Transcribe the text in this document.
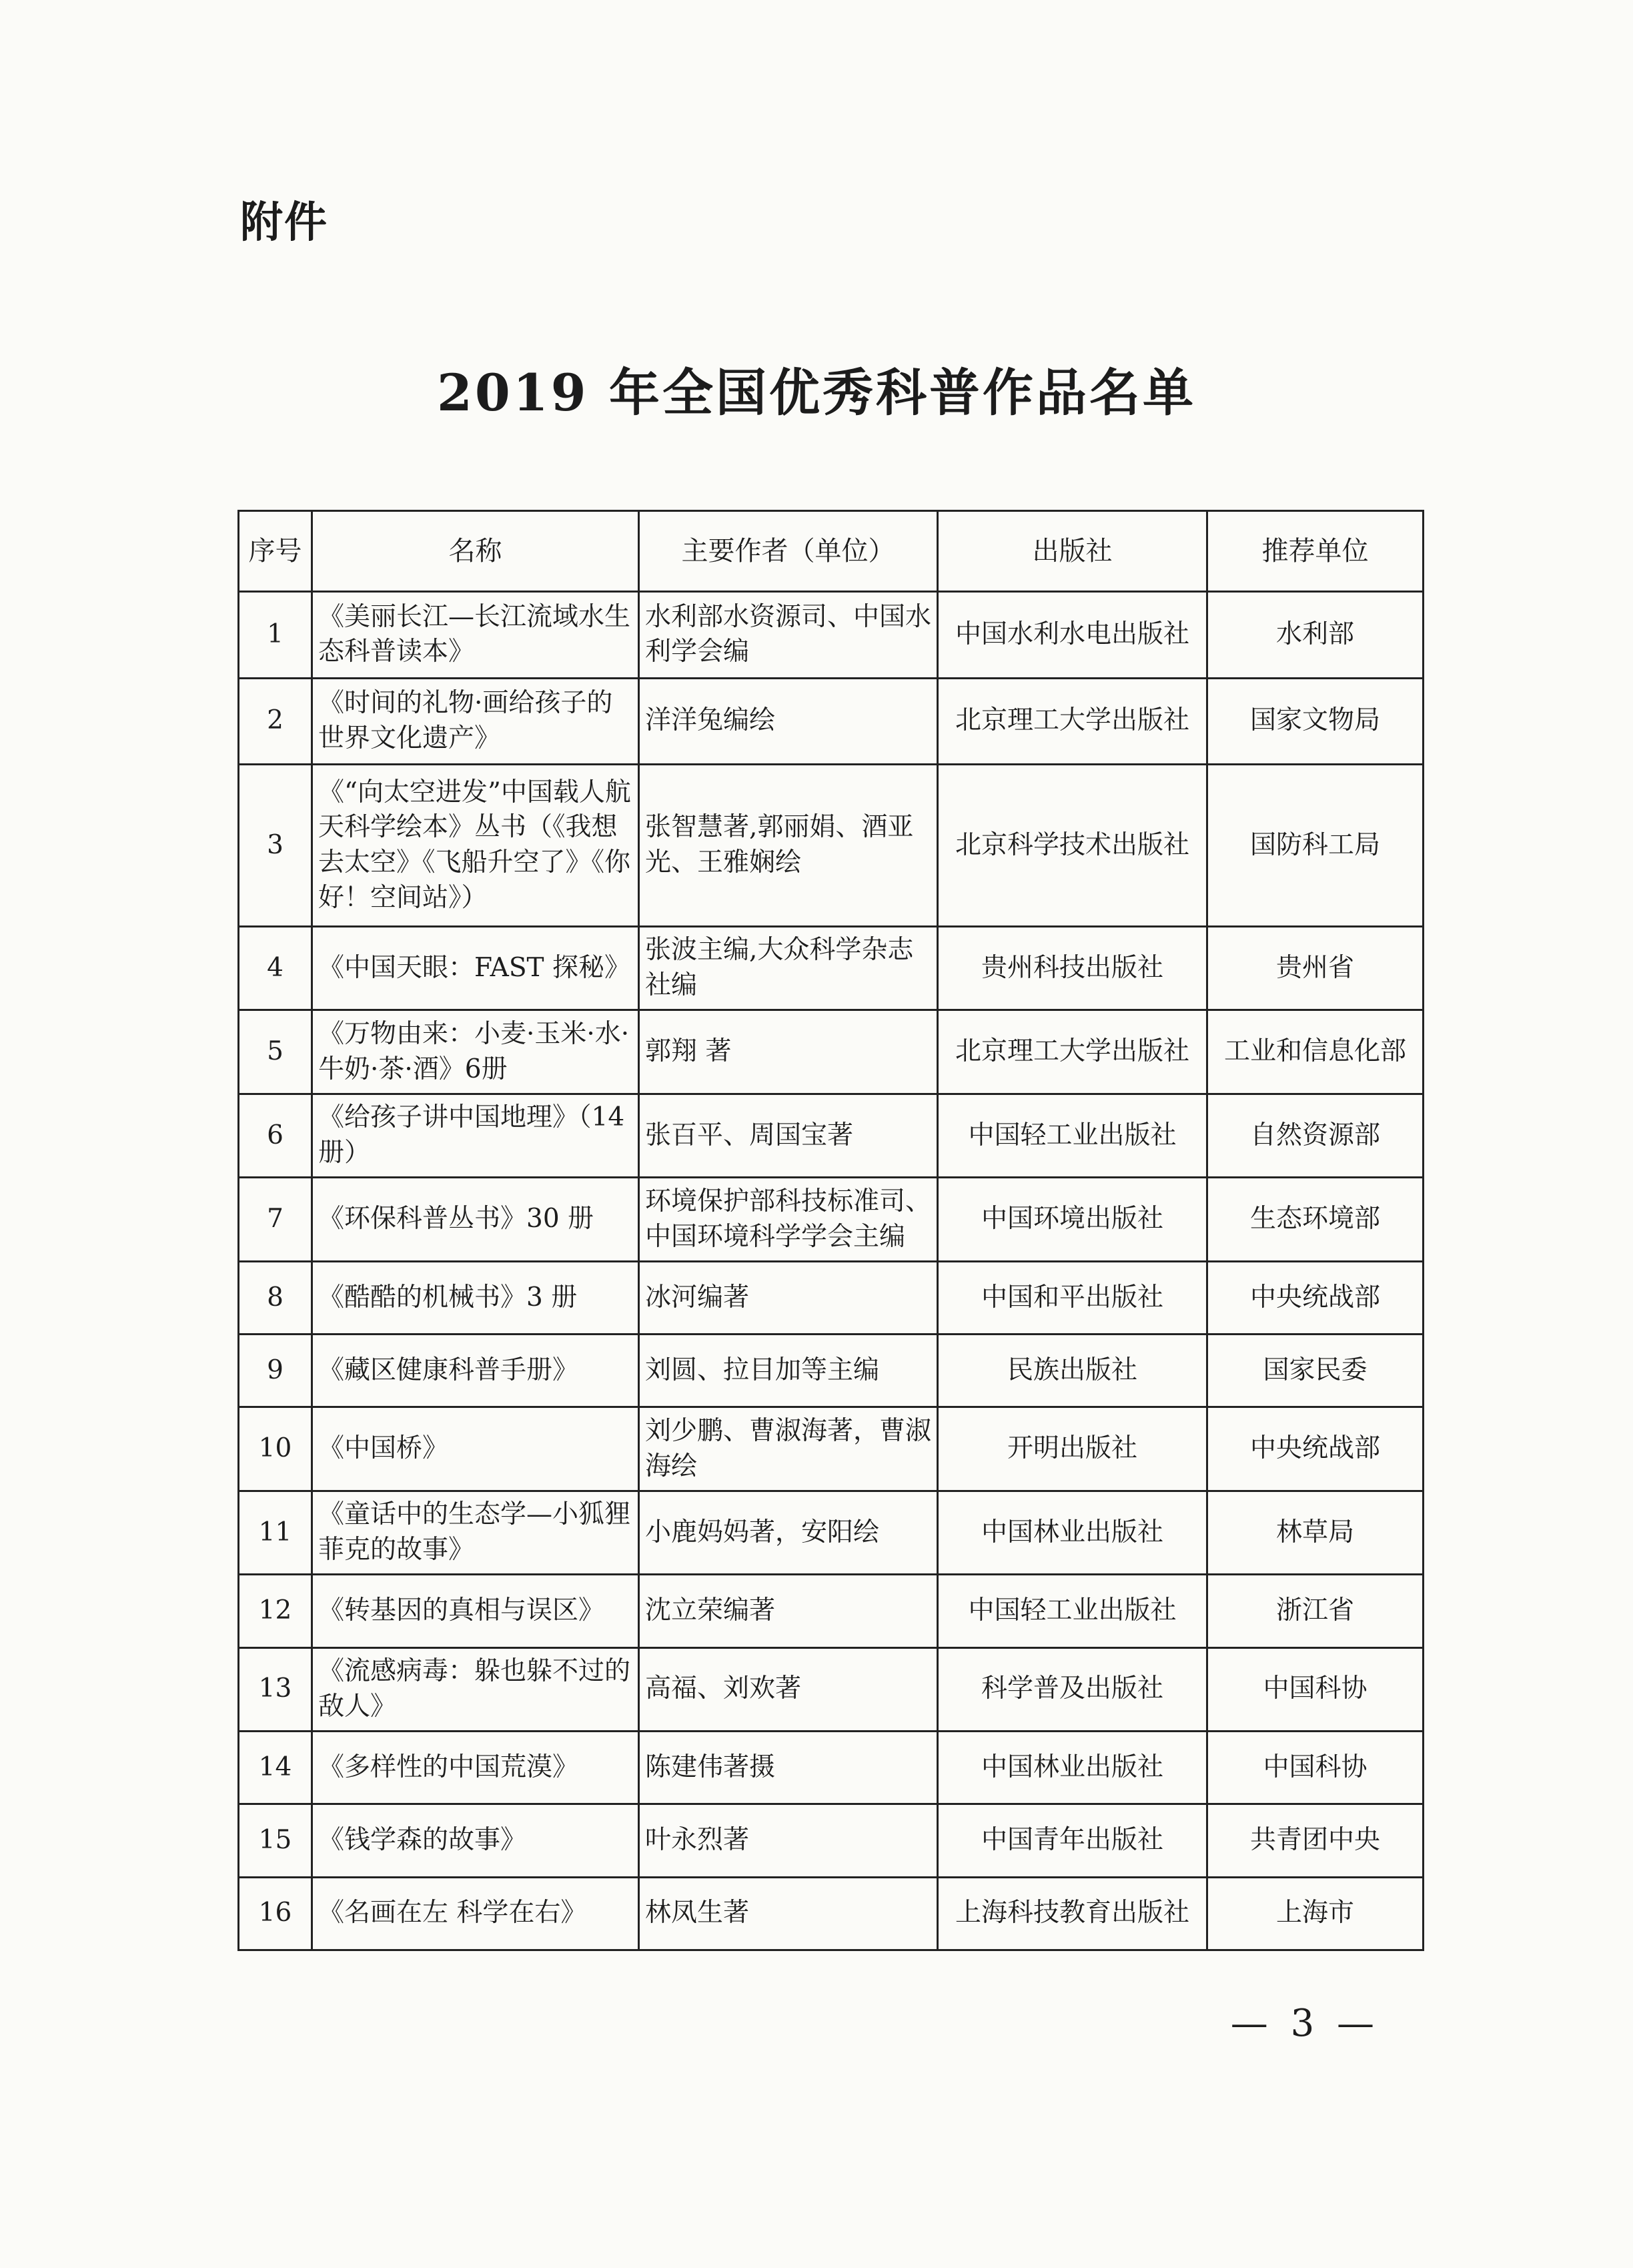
附件
2019 年全国优秀科普作品名单
序号	名称	主要作者（单位）	出版社	推荐单位
1	《美丽长江—长江流域水生态科普读本》	水利部水资源司、中国水利学会编	中国水利水电出版社	水利部
2	《时间的礼物·画给孩子的世界文化遗产》	洋洋兔编绘	北京理工大学出版社	国家文物局
3	《“向太空进发”中国载人航天科学绘本》丛书（《我想去太空》《飞船升空了》《你好！空间站》）	张智慧著,郭丽娟、酒亚光、王雅娴绘	北京科学技术出版社	国防科工局
4	《中国天眼：FAST 探秘》	张波主编,大众科学杂志社编	贵州科技出版社	贵州省
5	《万物由来：小麦·玉米·水·牛奶·茶·酒》6册	郭翔 著	北京理工大学出版社	工业和信息化部
6	《给孩子讲中国地理》（14册）	张百平、周国宝著	中国轻工业出版社	自然资源部
7	《环保科普丛书》30 册	环境保护部科技标准司、中国环境科学学会主编	中国环境出版社	生态环境部
8	《酷酷的机械书》3 册	冰河编著	中国和平出版社	中央统战部
9	《藏区健康科普手册》	刘圆、拉目加等主编	民族出版社	国家民委
10	《中国桥》	刘少鹏、曹淑海著，曹淑海绘	开明出版社	中央统战部
11	《童话中的生态学—小狐狸菲克的故事》	小鹿妈妈著，安阳绘	中国林业出版社	林草局
12	《转基因的真相与误区》	沈立荣编著	中国轻工业出版社	浙江省
13	《流感病毒：躲也躲不过的敌人》	高福、刘欢著	科学普及出版社	中国科协
14	《多样性的中国荒漠》	陈建伟著摄	中国林业出版社	中国科协
15	《钱学森的故事》	叶永烈著	中国青年出版社	共青团中央
16	《名画在左 科学在右》	林凤生著	上海科技教育出版社	上海市
— 3 —
